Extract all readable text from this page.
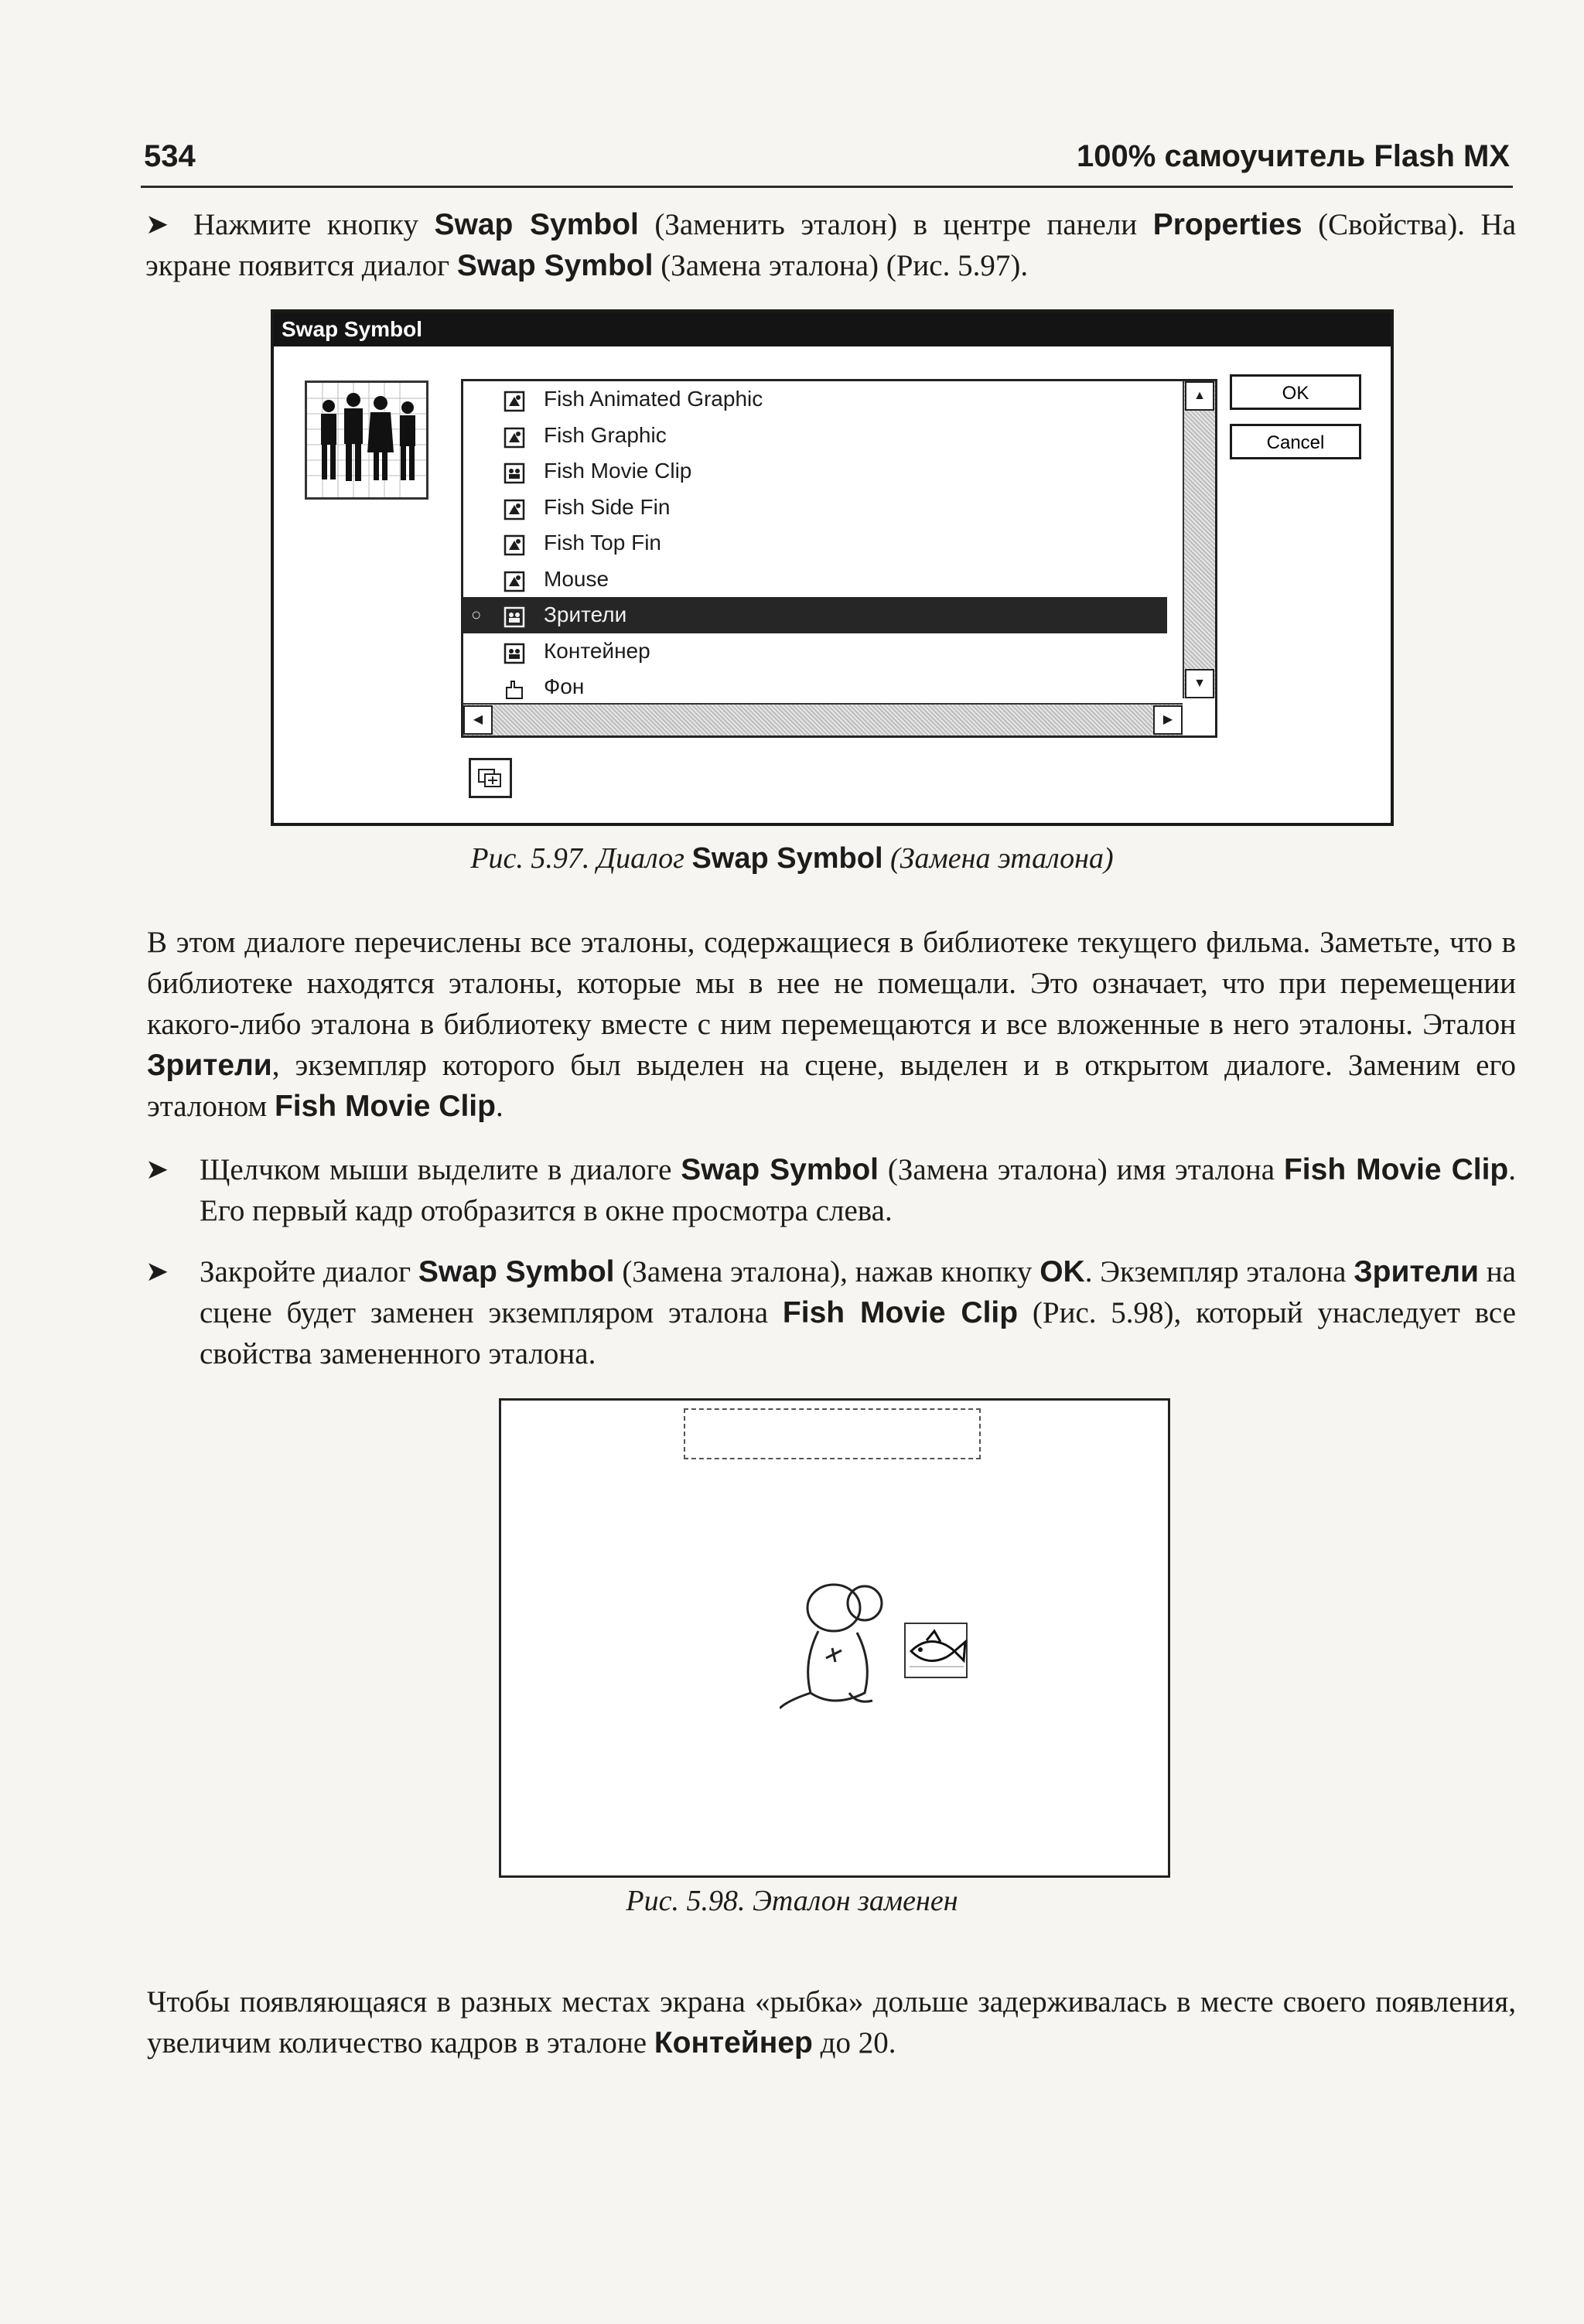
534	100% самоучитель Flash MX
➤ Нажмите кнопку Swap Symbol (Заменить эталон) в центре панели Properties (Свойства). На экране появится диалог Swap Symbol (Замена эталона) (Рис. 5.97).
Swap Symbol
Fish Animated Graphic
Fish Graphic
Fish Movie Clip
Fish Side Fin
Fish Top Fin
Mouse
○	Зрители
Контейнер
Фон
▲
▼
◀	▶
OK
Cancel
Рис. 5.97. Диалог Swap Symbol (Замена эталона)
В этом диалоге перечислены все эталоны, содержащиеся в библиотеке текущего фильма. Заметьте, что в библиотеке находятся эталоны, которые мы в нее не помещали. Это означает, что при перемещении какого-либо эталона в библиотеку вместе с ним перемещаются и все вложенные в него эталоны. Эталон Зрители, экземпляр которого был выделен на сцене, выделен и в открытом диалоге. Заменим его эталоном Fish Movie Clip.
➤ Щелчком мыши выделите в диалоге Swap Symbol (Замена эталона) имя эталона Fish Movie Clip. Его первый кадр отобразится в окне просмотра слева.
➤ Закройте диалог Swap Symbol (Замена эталона), нажав кнопку OK. Экземпляр эталона Зрители на сцене будет заменен экземпляром эталона Fish Movie Clip (Рис. 5.98), который унаследует все свойства замененного эталона.
Рис. 5.98. Эталон заменен
Чтобы появляющаяся в разных местах экрана «рыбка» дольше задерживалась в месте своего появления, увеличим количество кадров в эталоне Контейнер до 20.
